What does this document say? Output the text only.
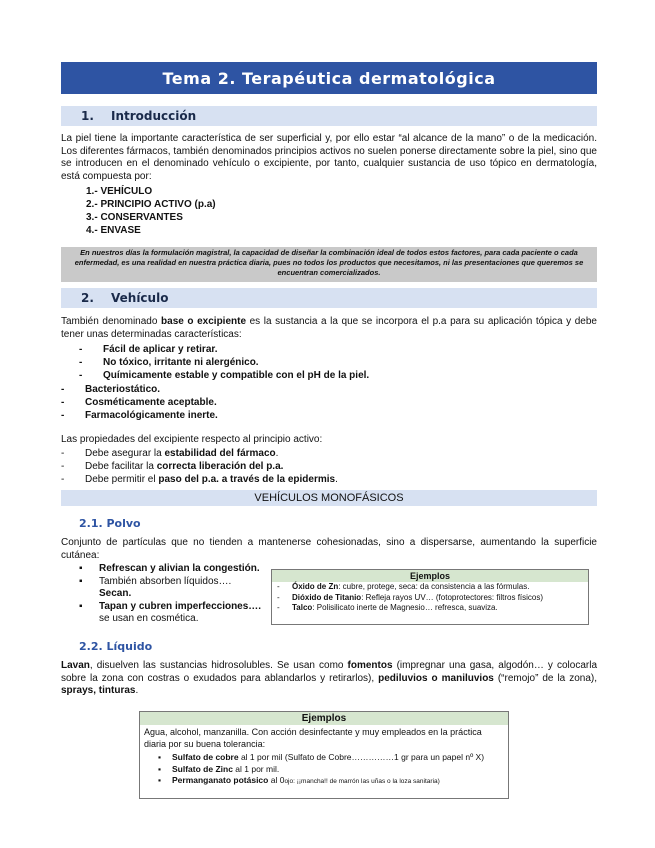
Tema 2. Terapéutica dermatológica
1.	Introducción
La piel tiene la importante característica de ser superficial y, por ello estar “al alcance de la mano” o de la medicación. Los diferentes fármacos, también denominados principios activos no suelen ponerse directamente sobre la piel, sino que se introducen en el denominado vehículo o excipiente, por tanto, cualquier sustancia de uso tópico en dermatología, está compuesta por:
1.- VEHÍCULO
2.- PRINCIPIO ACTIVO (p.a)
3.- CONSERVANTES
4.- ENVASE
En nuestros días la formulación magistral, la capacidad de diseñar la combinación ideal de todos estos factores, para cada paciente o cada enfermedad, es una realidad en nuestra práctica diaria, pues no todos los productos que necesitamos, ni las presentaciones que queremos se encuentran comercializados.
2.	Vehículo
También denominado base o excipiente es la sustancia a la que se incorpora el p.a para su aplicación tópica y debe tener unas determinadas características:
- Fácil de aplicar y retirar.
- No tóxico, irritante ni alergénico.
- Químicamente estable y compatible con el pH de la piel.
- Bacteriostático.
- Cosméticamente aceptable.
- Farmacológicamente inerte.
Las propiedades del excipiente respecto al principio activo:
- Debe asegurar la estabilidad del fármaco.
- Debe facilitar la correcta liberación del p.a.
- Debe permitir el paso del p.a. a través de la epidermis.
VEHÍCULOS MONOFÁSICOS
2.1. Polvo
Conjunto de partículas que no tienden a mantenerse cohesionadas, sino a dispersarse, aumentando la superficie cutánea:
▪ Refrescan y alivian la congestión.
▪ También absorben líquidos….
Secan.
▪ Tapan y cubren imperfecciones….
se usan en cosmética.
Ejemplos
- Óxido de Zn: cubre, protege, seca: da consistencia a las fórmulas.
- Dióxido de Titanio: Refleja rayos UV… (fotoprotectores: filtros físicos)
- Talco: Polisilicato inerte de Magnesio… refresca, suaviza.
2.2. Líquido
Lavan, disuelven las sustancias hidrosolubles. Se usan como fomentos (impregnar una gasa, algodón… y colocarla sobre la zona con costras o exudados para ablandarlos y retirarlos), pediluvios o maniluvios (“remojo” de la zona), sprays, tinturas.
Ejemplos
Agua, alcohol, manzanilla. Con acción desinfectante y muy empleados en la práctica diaria por su buena tolerancia:
▪ Sulfato de cobre al 1 por mil (Sulfato de Cobre……………1 gr para un papel nº X)
▪ Sulfato de Zinc al 1 por mil.
▪ Permanganato potásico al 0ojo: ¡¡mancha!! de marrón las uñas o la loza sanitaria)
